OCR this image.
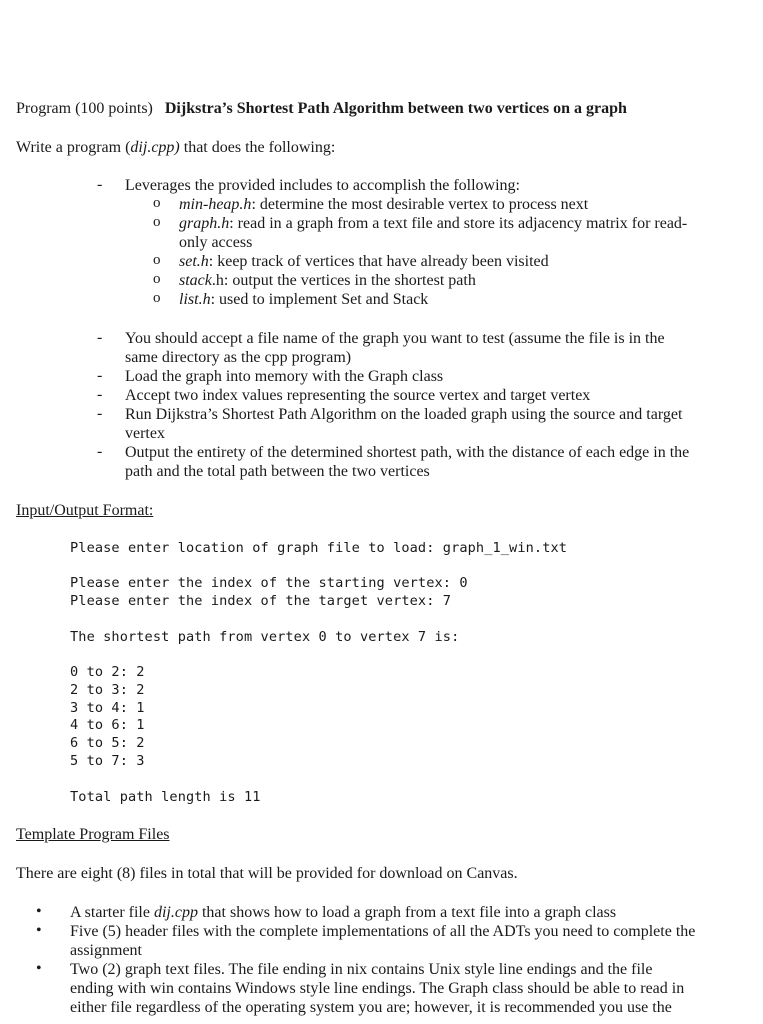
Program (100 points) Dijkstra’s Shortest Path Algorithm between two vertices on a graph
Write a program (dij.cpp) that does the following:
- Leverages the provided includes to accomplish the following:
o min-heap.h: determine the most desirable vertex to process next
o graph.h: read in a graph from a text file and store its adjacency matrix for read-
only access
o set.h: keep track of vertices that have already been visited
o stack.h: output the vertices in the shortest path
o list.h: used to implement Set and Stack
- You should accept a file name of the graph you want to test (assume the file is in the
same directory as the cpp program)
- Load the graph into memory with the Graph class
- Accept two index values representing the source vertex and target vertex
- Run Dijkstra’s Shortest Path Algorithm on the loaded graph using the source and target
vertex
- Output the entirety of the determined shortest path, with the distance of each edge in the
path and the total path between the two vertices
Input/Output Format:
Please enter location of graph file to load: graph_1_win.txt
Please enter the index of the starting vertex: 0
Please enter the index of the target vertex: 7
The shortest path from vertex 0 to vertex 7 is:
0 to 2: 2
2 to 3: 2
3 to 4: 1
4 to 6: 1
6 to 5: 2
5 to 7: 3
Total path length is 11
Template Program Files
There are eight (8) files in total that will be provided for download on Canvas.
• A starter file dij.cpp that shows how to load a graph from a text file into a graph class
• Five (5) header files with the complete implementations of all the ADTs you need to complete the
assignment
• Two (2) graph text files. The file ending in nix contains Unix style line endings and the file
ending with win contains Windows style line endings. The Graph class should be able to read in
either file regardless of the operating system you are; however, it is recommended you use the
